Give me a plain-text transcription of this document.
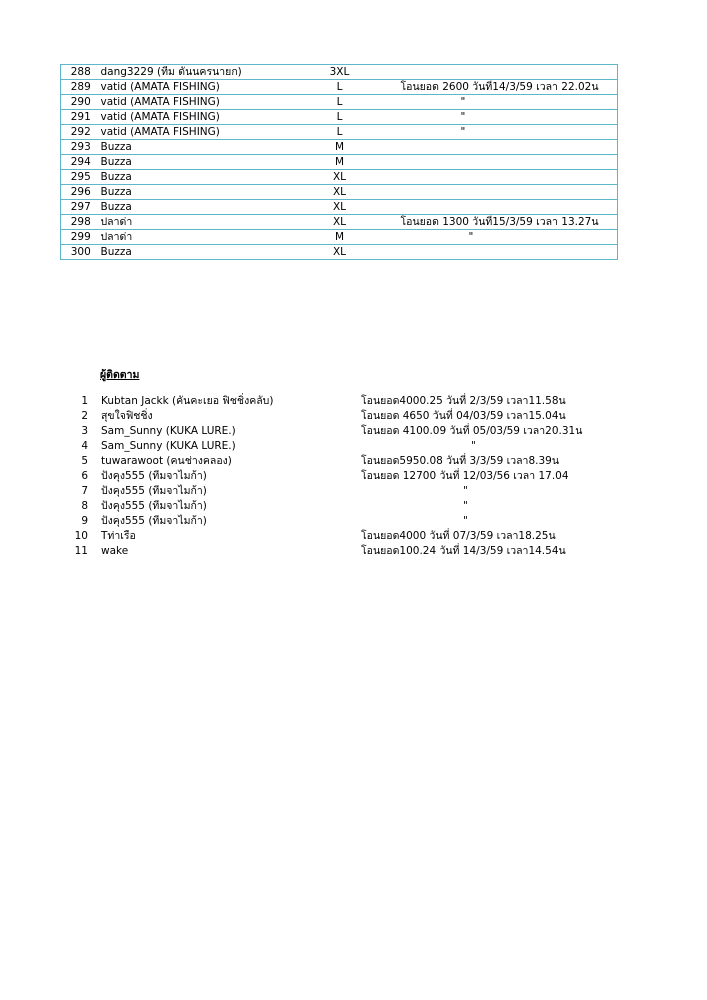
288	dang3229 (ทีม ดันนครนายก)	3XL	
289	vatid (AMATA FISHING)	L	โอนยอด 2600 วันที่14/3/59 เวลา 22.02น
290	vatid (AMATA FISHING)	L	"
291	vatid (AMATA FISHING)	L	"
292	vatid (AMATA FISHING)	L	"
293	Buzza	M	
294	Buzza	M	
295	Buzza	XL	
296	Buzza	XL	
297	Buzza	XL	
298	ปลาด่า	XL	โอนยอด 1300 วันที่15/3/59 เวลา 13.27น
299	ปลาด่า	M	"
300	Buzza	XL	
ผู้ติดตาม
1 Kubtan Jackk (คันคะเยอ ฟิชชิ่งคลับ)	โอนยอด4000.25 วันที่ 2/3/59 เวลา11.58น
2 สุขใจฟิชชิ่ง	โอนยอด 4650 วันที่ 04/03/59 เวลา15.04น
3 Sam_Sunny (KUKA LURE.)	โอนยอด 4100.09 วันที่ 05/03/59 เวลา20.31น
4 Sam_Sunny (KUKA LURE.)	"
5 tuwarawoot (คนช่างคลอง)	โอนยอด5950.08 วันที่ 3/3/59 เวลา8.39น
6 ปังคุง555 (ทีมจาไมก้า)	โอนยอด 12700 วันที่ 12/03/56 เวลา 17.04
7 ปังคุง555 (ทีมจาไมก้า)	"
8 ปังคุง555 (ทีมจาไมก้า)	"
9 ปังคุง555 (ทีมจาไมก้า)	"
10 Tท่าเรือ	โอนยอด4000 วันที่ 07/3/59 เวลา18.25น
11 wake	โอนยอด100.24 วันที่ 14/3/59 เวลา14.54น
